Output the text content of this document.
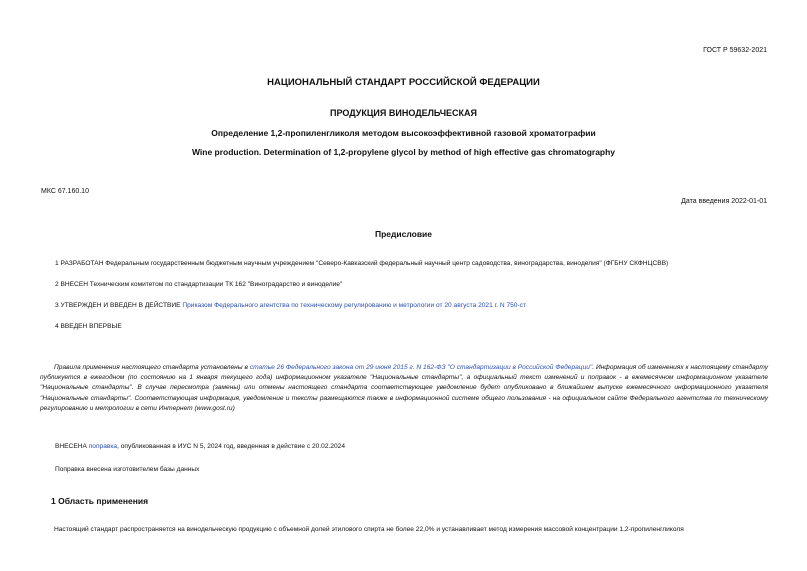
ГОСТ Р 59632-2021
НАЦИОНАЛЬНЫЙ СТАНДАРТ РОССИЙСКОЙ ФЕДЕРАЦИИ
ПРОДУКЦИЯ ВИНОДЕЛЬЧЕСКАЯ
Определение 1,2-пропиленгликоля методом высокоэффективной газовой хроматографии
Wine production. Determination of 1,2-propylene glycol by method of high effective gas chromatography
МКС 67.160.10
Дата введения 2022-01-01
Предисловие
1 РАЗРАБОТАН Федеральным государственным бюджетным научным учреждением "Северо-Кавказский федеральный научный центр садоводства, виноградарства, виноделия" (ФГБНУ СКФНЦСВВ)
2 ВНЕСЕН Техническим комитетом по стандартизации ТК 162 "Виноградарство и виноделие"
3 УТВЕРЖДЕН И ВВЕДЕН В ДЕЙСТВИЕ Приказом Федерального агентства по техническому регулированию и метрологии от 20 августа 2021 г. N 750-ст
4 ВВЕДЕН ВПЕРВЫЕ
Правила применения настоящего стандарта установлены в статье 26 Федерального закона от 29 июня 2015 г. N 162-ФЗ "О стандартизации в Российской Федерации". Информация об изменениях к настоящему стандарту публикуется в ежегодном (по состоянию на 1 января текущего года) информационном указателе "Национальные стандарты", а официальный текст изменений и поправок - в ежемесячном информационном указателе "Национальные стандарты". В случае пересмотра (замены) или отмены настоящего стандарта соответствующее уведомление будет опубликовано в ближайшем выпуске ежемесячного информационного указателя "Национальные стандарты". Соответствующая информация, уведомление и тексты размещаются также в информационной системе общего пользования - на официальном сайте Федерального агентства по техническому регулированию и метрологии в сети Интернет (www.gost.ru)
ВНЕСЕНА поправка, опубликованная в ИУС N 5, 2024 год, введенная в действие с 20.02.2024
Поправка внесена изготовителем базы данных
1 Область применения
Настоящий стандарт распространяется на винодельческую продукцию с объемной долей этилового спирта не более 22,0% и устанавливает метод измерения массовой концентрации 1,2-пропиленгликоля
